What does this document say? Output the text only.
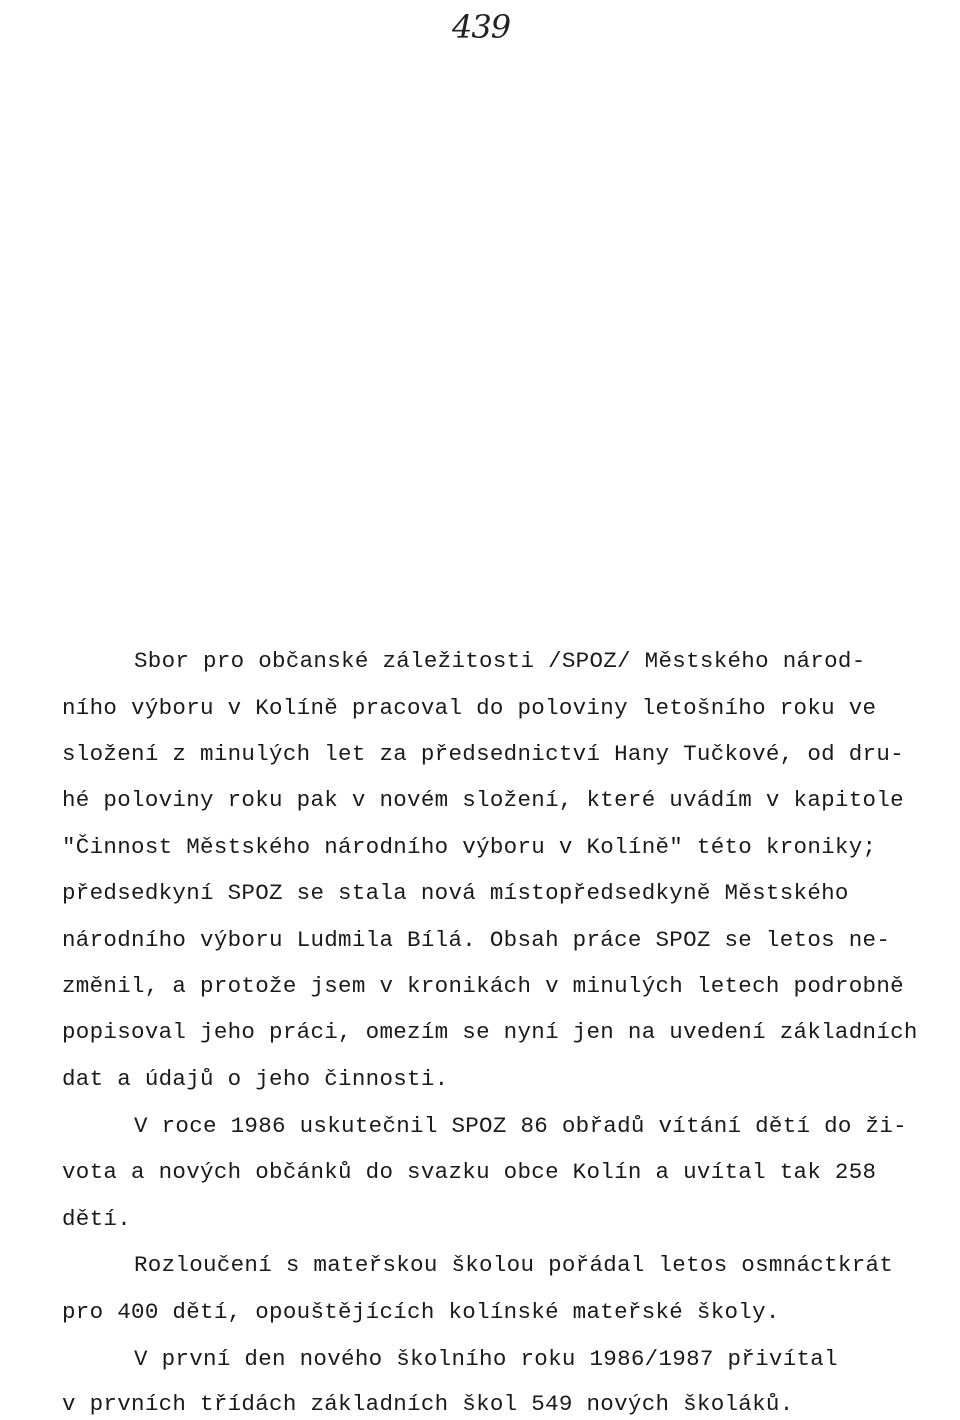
439
Sbor pro občanské záležitosti /SPOZ/ Městského národ-
ního výboru v Kolíně pracoval do poloviny letošního roku ve
složení z minulých let za předsednictví Hany Tučkové, od dru-
hé poloviny roku pak v novém složení, které uvádím v kapitole
"Činnost Městského národního výboru v Kolíně" této kroniky;
předsedkyní SPOZ se stala nová místopředsedkyně Městského
národního výboru Ludmila Bílá. Obsah práce SPOZ se letos ne-
změnil, a protože jsem v kronikách v minulých letech podrobně
popisoval jeho práci, omezím se nyní jen na uvedení základních
dat a údajů o jeho činnosti.
V roce 1986 uskutečnil SPOZ 86 obřadů vítání dětí do ži-
vota a nových občánků do svazku obce Kolín a uvítal tak 258
dětí.
Rozloučení s mateřskou školou pořádal letos osmnáctkrát
pro 400 dětí, opouštějících kolínské mateřské školy.
V první den nového školního roku 1986/1987 přivítal
v prvních třídách základních škol 549 nových školáků.
